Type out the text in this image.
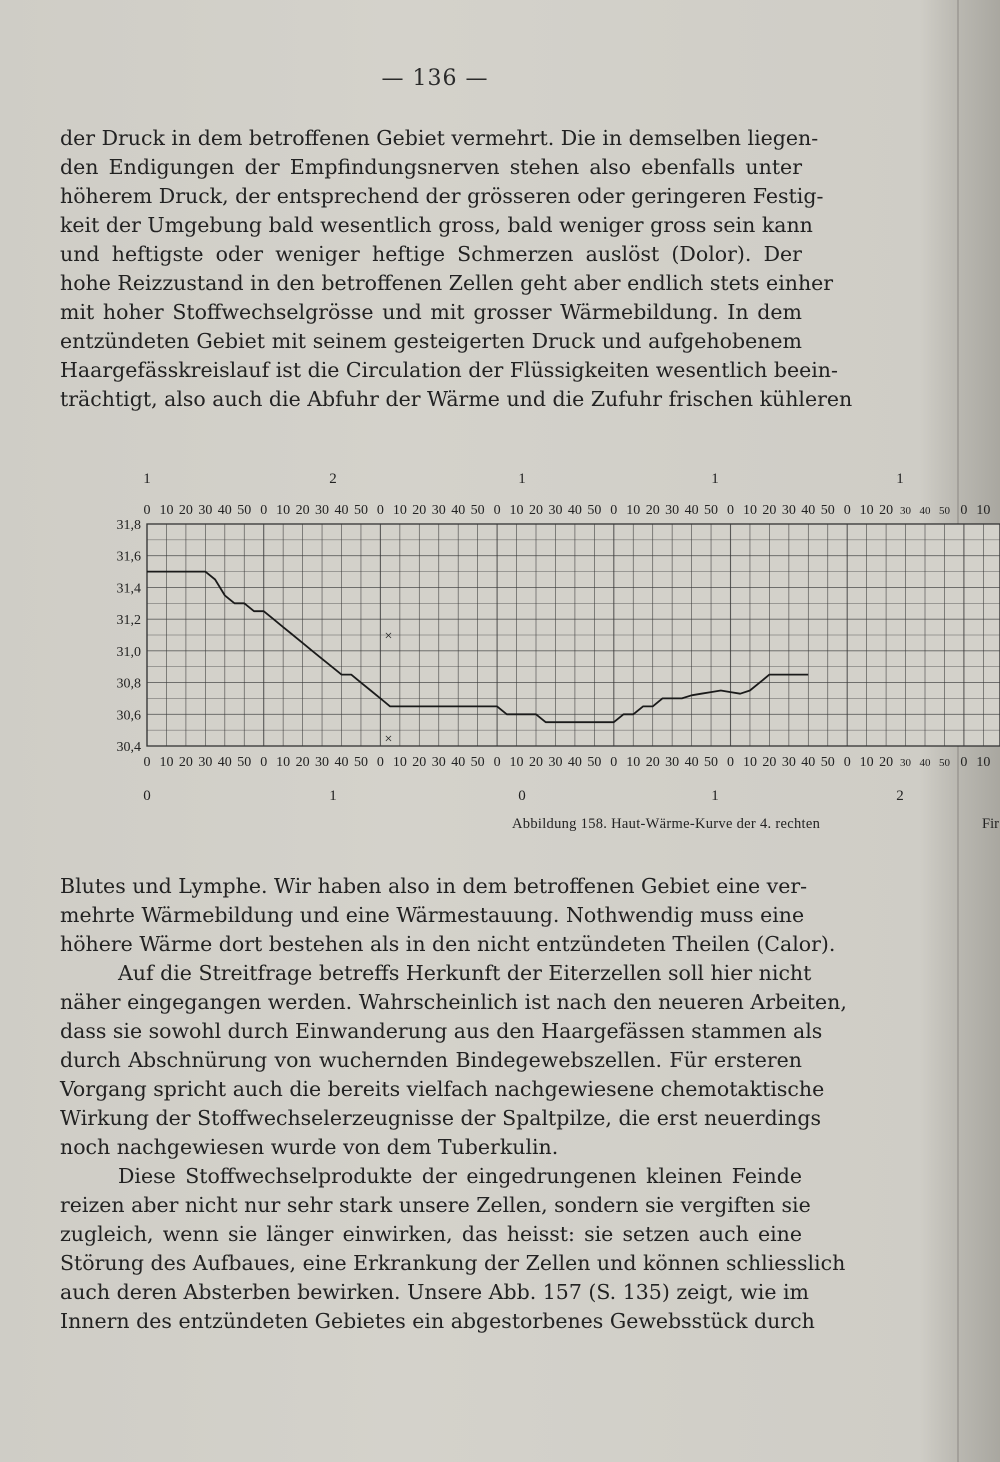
— 136 —
der Druck in dem betroffenen Gebiet vermehrt. Die in demselben liegen-
den Endigungen der Empfindungsnerven stehen also ebenfalls unter
höherem Druck, der entsprechend der grösseren oder geringeren Festig-
keit der Umgebung bald wesentlich gross, bald weniger gross sein kann
und heftigste oder weniger heftige Schmerzen auslöst (Dolor). Der
hohe Reizzustand in den betroffenen Zellen geht aber endlich stets einher
mit hoher Stoffwechselgrösse und mit grosser Wärmebildung. In dem
entzündeten Gebiet mit seinem gesteigerten Druck und aufgehobenem
Haargefässkreislauf ist die Circulation der Flüssigkeiten wesentlich beein-
trächtigt, also auch die Abfuhr der Wärme und die Zufuhr frischen kühleren
31,8
31,6
31,4
31,2
31,0
30,8
30,6
30,4
0
0
10
10
20
20
30
30
40
40
50
50
0
0
10
10
20
20
30
30
40
40
50
50
0
0
10
10
20
20
30
30
40
40
50
50
0
0
10
10
20
20
30
30
40
40
50
50
0
0
10
10
20
20
30
30
40
40
50
50
0
0
10
10
20
20
30
30
40
40
50
50
0
0
10
10
20
20
30
30
40
40
50
50
0
0
10
10
1	2	1	1	1
0	1	0	1	2
×
×
Abbildung 158. Haut-Wärme-Kurve der 4. rechten	Fir
Blutes und Lymphe. Wir haben also in dem betroffenen Gebiet eine ver-
mehrte Wärmebildung und eine Wärmestauung. Nothwendig muss eine
höhere Wärme dort bestehen als in den nicht entzündeten Theilen (Calor).
Auf die Streitfrage betreffs Herkunft der Eiterzellen soll hier nicht
näher eingegangen werden. Wahrscheinlich ist nach den neueren Arbeiten,
dass sie sowohl durch Einwanderung aus den Haargefässen stammen als
durch Abschnürung von wuchernden Bindegewebszellen. Für ersteren
Vorgang spricht auch die bereits vielfach nachgewiesene chemotaktische
Wirkung der Stoffwechselerzeugnisse der Spaltpilze, die erst neuerdings
noch nachgewiesen wurde von dem Tuberkulin.
Diese Stoffwechselprodukte der eingedrungenen kleinen Feinde
reizen aber nicht nur sehr stark unsere Zellen, sondern sie vergiften sie
zugleich, wenn sie länger einwirken, das heisst: sie setzen auch eine
Störung des Aufbaues, eine Erkrankung der Zellen und können schliesslich
auch deren Absterben bewirken. Unsere Abb. 157 (S. 135) zeigt, wie im
Innern des entzündeten Gebietes ein abgestorbenes Gewebsstück durch
